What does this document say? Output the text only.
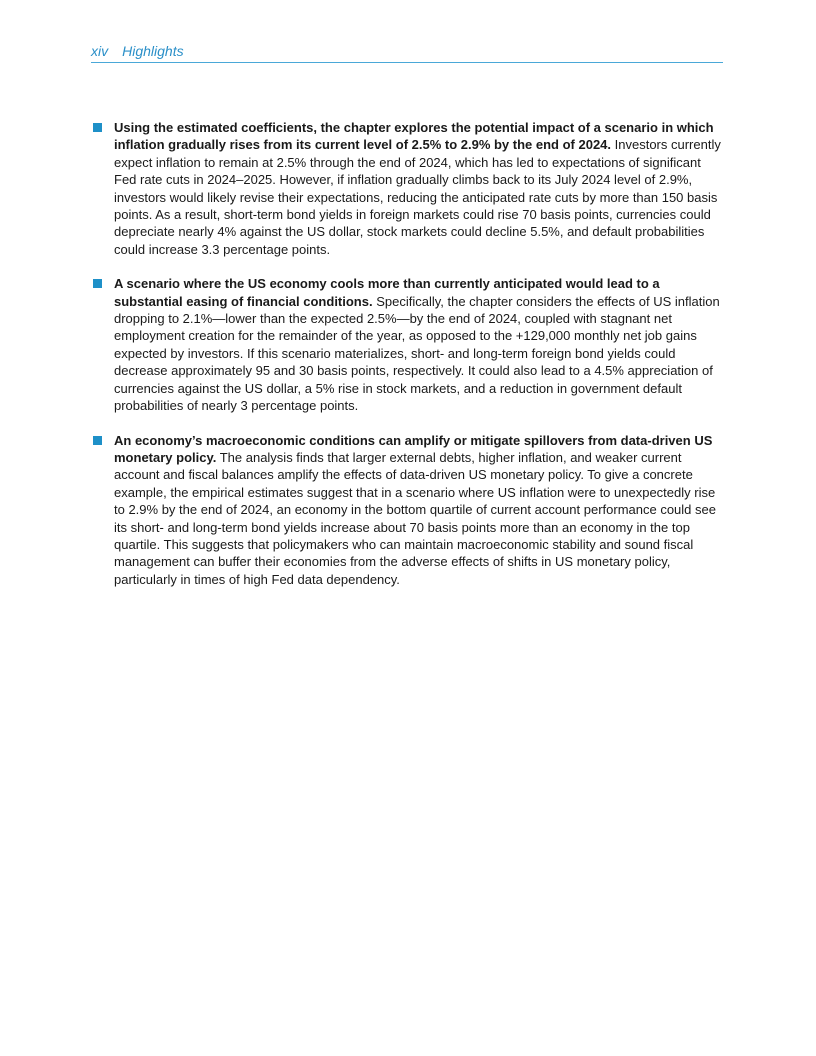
xiv Highlights
Using the estimated coefficients, the chapter explores the potential impact of a scenario in which inflation gradually rises from its current level of 2.5% to 2.9% by the end of 2024. Investors currently expect inflation to remain at 2.5% through the end of 2024, which has led to expectations of significant Fed rate cuts in 2024–2025. However, if inflation gradually climbs back to its July 2024 level of 2.9%, investors would likely revise their expectations, reducing the anticipated rate cuts by more than 150 basis points. As a result, short-term bond yields in foreign markets could rise 70 basis points, currencies could depreciate nearly 4% against the US dollar, stock markets could decline 5.5%, and default probabilities could increase 3.3 percentage points.
A scenario where the US economy cools more than currently anticipated would lead to a substantial easing of financial conditions. Specifically, the chapter considers the effects of US inflation dropping to 2.1%—lower than the expected 2.5%—by the end of 2024, coupled with stagnant net employment creation for the remainder of the year, as opposed to the +129,000 monthly net job gains expected by investors. If this scenario materializes, short- and long-term foreign bond yields could decrease approximately 95 and 30 basis points, respectively. It could also lead to a 4.5% appreciation of currencies against the US dollar, a 5% rise in stock markets, and a reduction in government default probabilities of nearly 3 percentage points.
An economy’s macroeconomic conditions can amplify or mitigate spillovers from data-driven US monetary policy. The analysis finds that larger external debts, higher inflation, and weaker current account and fiscal balances amplify the effects of data-driven US monetary policy. To give a concrete example, the empirical estimates suggest that in a scenario where US inflation were to unexpectedly rise to 2.9% by the end of 2024, an economy in the bottom quartile of current account performance could see its short- and long-term bond yields increase about 70 basis points more than an economy in the top quartile. This suggests that policymakers who can maintain macroeconomic stability and sound fiscal management can buffer their economies from the adverse effects of shifts in US monetary policy, particularly in times of high Fed data dependency.
